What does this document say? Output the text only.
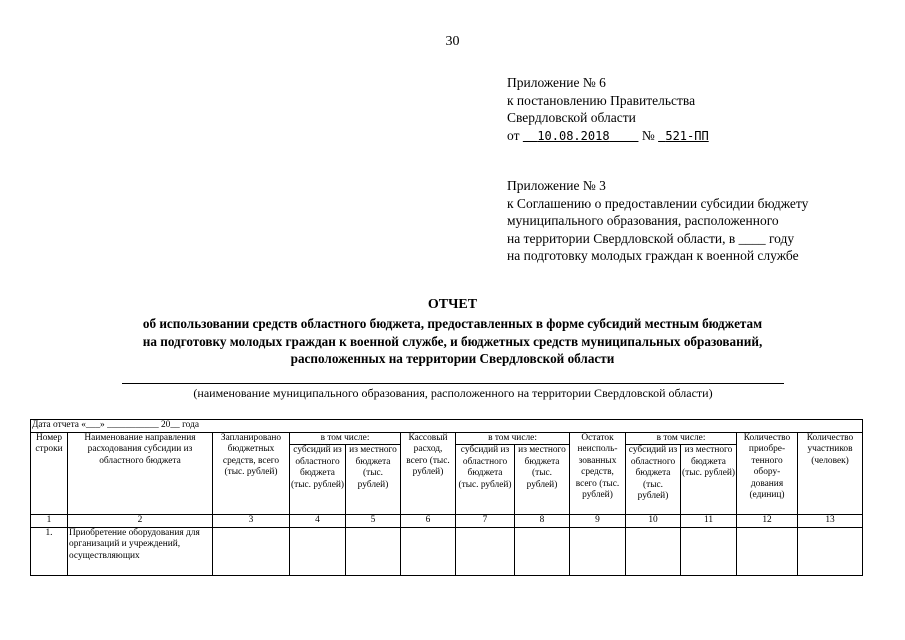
30
Приложение № 6
к постановлению Правительства
Свердловской области
от 10.08.2018 № 521-ПП
Приложение № 3
к Соглашению о предоставлении субсидии бюджету
муниципального образования, расположенного
на территории Свердловской области, в ____ году
на подготовку молодых граждан к военной службе
ОТЧЕТ
об использовании средств областного бюджета, предоставленных в форме субсидий местным бюджетам
на подготовку молодых граждан к военной службе, и бюджетных средств муниципальных образований,
расположенных на территории Свердловской области
(наименование муниципального образования, расположенного на территории Свердловской области)
Дата отчета «___» ___________ 20__ года												
Номер строки	Наименование направления расходования субсидии из областного бюджета	Запланировано бюджетных средств, всего (тыс. рублей)	в том числе:		Кассовый расход, всего (тыс. рублей)	в том числе:		Остаток неисполь- зованных средств, всего (тыс. рублей)	в том числе:		Количество приобре- тенного обору- дования (единиц)	Количество участников (человек)
			субсидий из областного бюджета (тыс. рублей)	из местного бюджета (тыс. рублей)		субсидий из областного бюджета (тыс. рублей)	из местного бюджета (тыс. рублей)		субсидий из областного бюджета (тыс. рублей)	из местного бюджета (тыс. рублей)		
1	2	3	4	5	6	7	8	9	10	11	12	13
1.	Приобретение оборудования для организаций и учреждений, осуществляющих											
